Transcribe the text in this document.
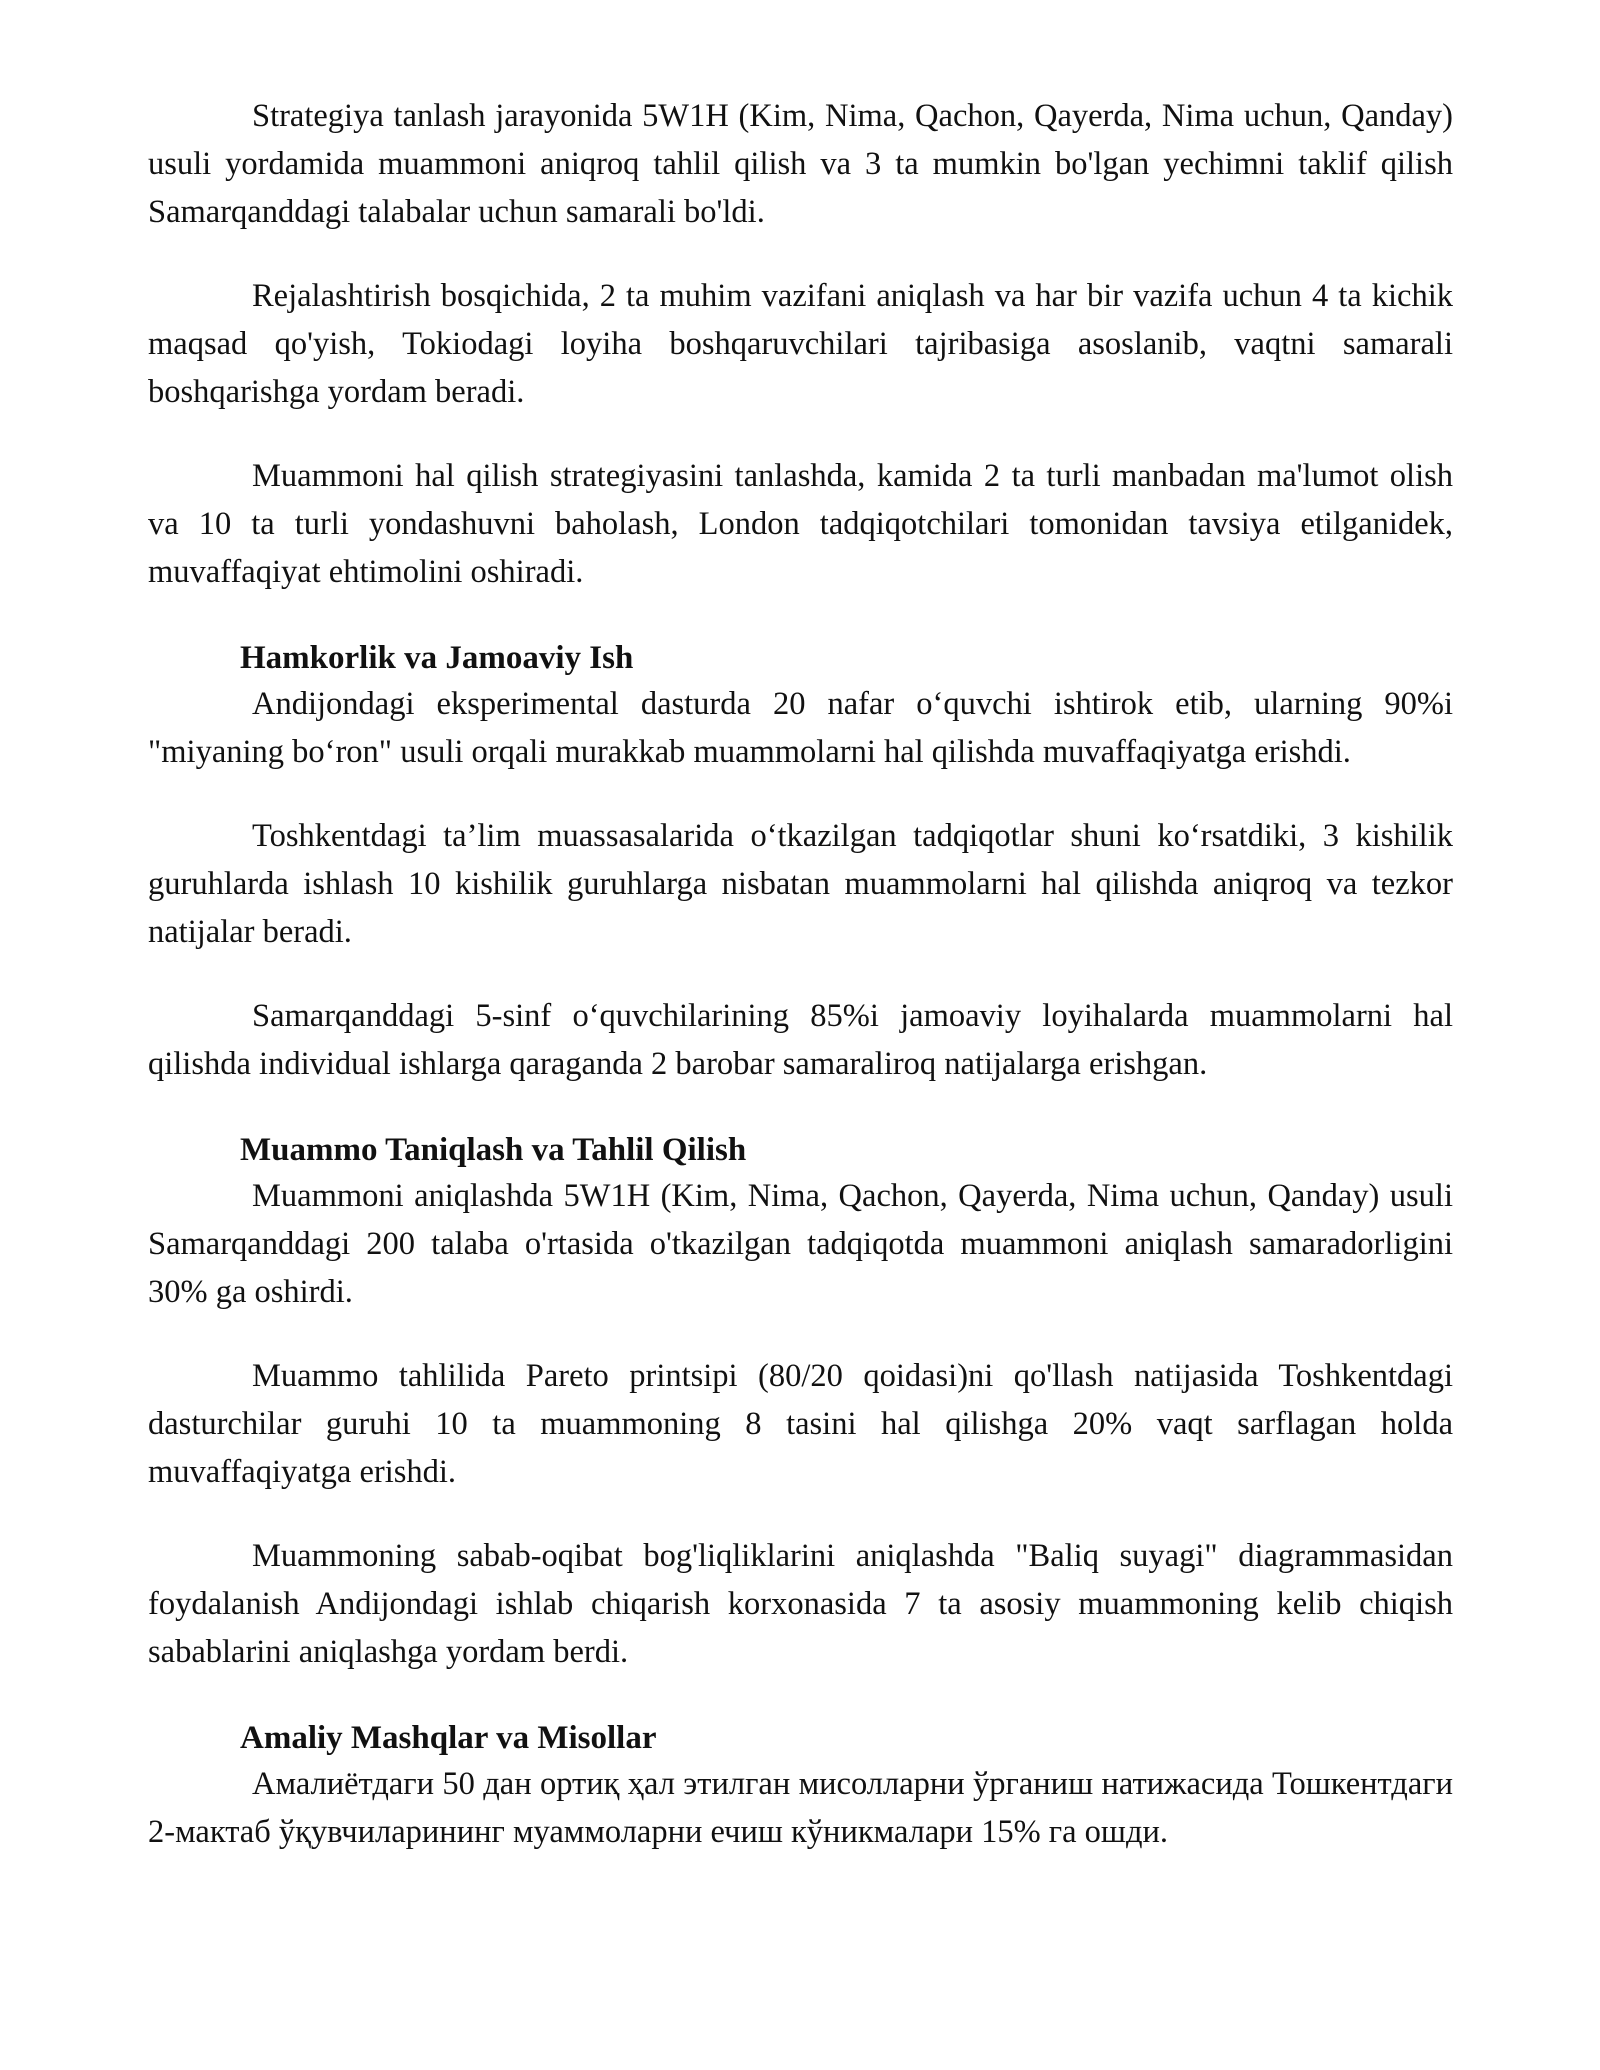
Strategiya tanlash jarayonida 5W1H (Kim, Nima, Qachon, Qayerda, Nima uchun, Qanday) usuli yordamida muammoni aniqroq tahlil qilish va 3 ta mumkin bo'lgan yechimni taklif qilish Samarqanddagi talabalar uchun samarali bo'ldi.

Rejalashtirish bosqichida, 2 ta muhim vazifani aniqlash va har bir vazifa uchun 4 ta kichik maqsad qo'yish, Tokiodagi loyiha boshqaruvchilari tajribasiga asoslanib, vaqtni samarali boshqarishga yordam beradi.

Muammoni hal qilish strategiyasini tanlashda, kamida 2 ta turli manbadan ma'lumot olish va 10 ta turli yondashuvni baholash, London tadqiqotchilari tomonidan tavsiya etilganidek, muvaffaqiyat ehtimolini oshiradi.

Hamkorlik va Jamoaviy Ish

Andijondagi eksperimental dasturda 20 nafar o‘quvchi ishtirok etib, ularning 90%i "miyaning bo‘ron" usuli orqali murakkab muammolarni hal qilishda muvaffaqiyatga erishdi.

Toshkentdagi ta’lim muassasalarida o‘tkazilgan tadqiqotlar shuni ko‘rsatdiki, 3 kishilik guruhlarda ishlash 10 kishilik guruhlarga nisbatan muammolarni hal qilishda aniqroq va tezkor natijalar beradi.

Samarqanddagi 5-sinf o‘quvchilarining 85%i jamoaviy loyihalarda muammolarni hal qilishda individual ishlarga qaraganda 2 barobar samaraliroq natijalarga erishgan.

Muammo Taniqlash va Tahlil Qilish

Muammoni aniqlashda 5W1H (Kim, Nima, Qachon, Qayerda, Nima uchun, Qanday) usuli Samarqanddagi 200 talaba o'rtasida o'tkazilgan tadqiqotda muammoni aniqlash samaradorligini 30% ga oshirdi.

Muammo tahlilida Pareto printsipi (80/20 qoidasi)ni qo'llash natijasida Toshkentdagi dasturchilar guruhi 10 ta muammoning 8 tasini hal qilishga 20% vaqt sarflagan holda muvaffaqiyatga erishdi.

Muammoning sabab-oqibat bog'liqliklarini aniqlashda "Baliq suyagi" diagrammasidan foydalanish Andijondagi ishlab chiqarish korxonasida 7 ta asosiy muammoning kelib chiqish sabablarini aniqlashga yordam berdi.

Amaliy Mashqlar va Misollar

Амалиётдаги 50 дан ортиқ ҳал этилган мисолларни ўрганиш натижасида Тошкентдаги 2-мактаб ўқувчиларининг муаммоларни ечиш кўникмалари 15% га ошди.
